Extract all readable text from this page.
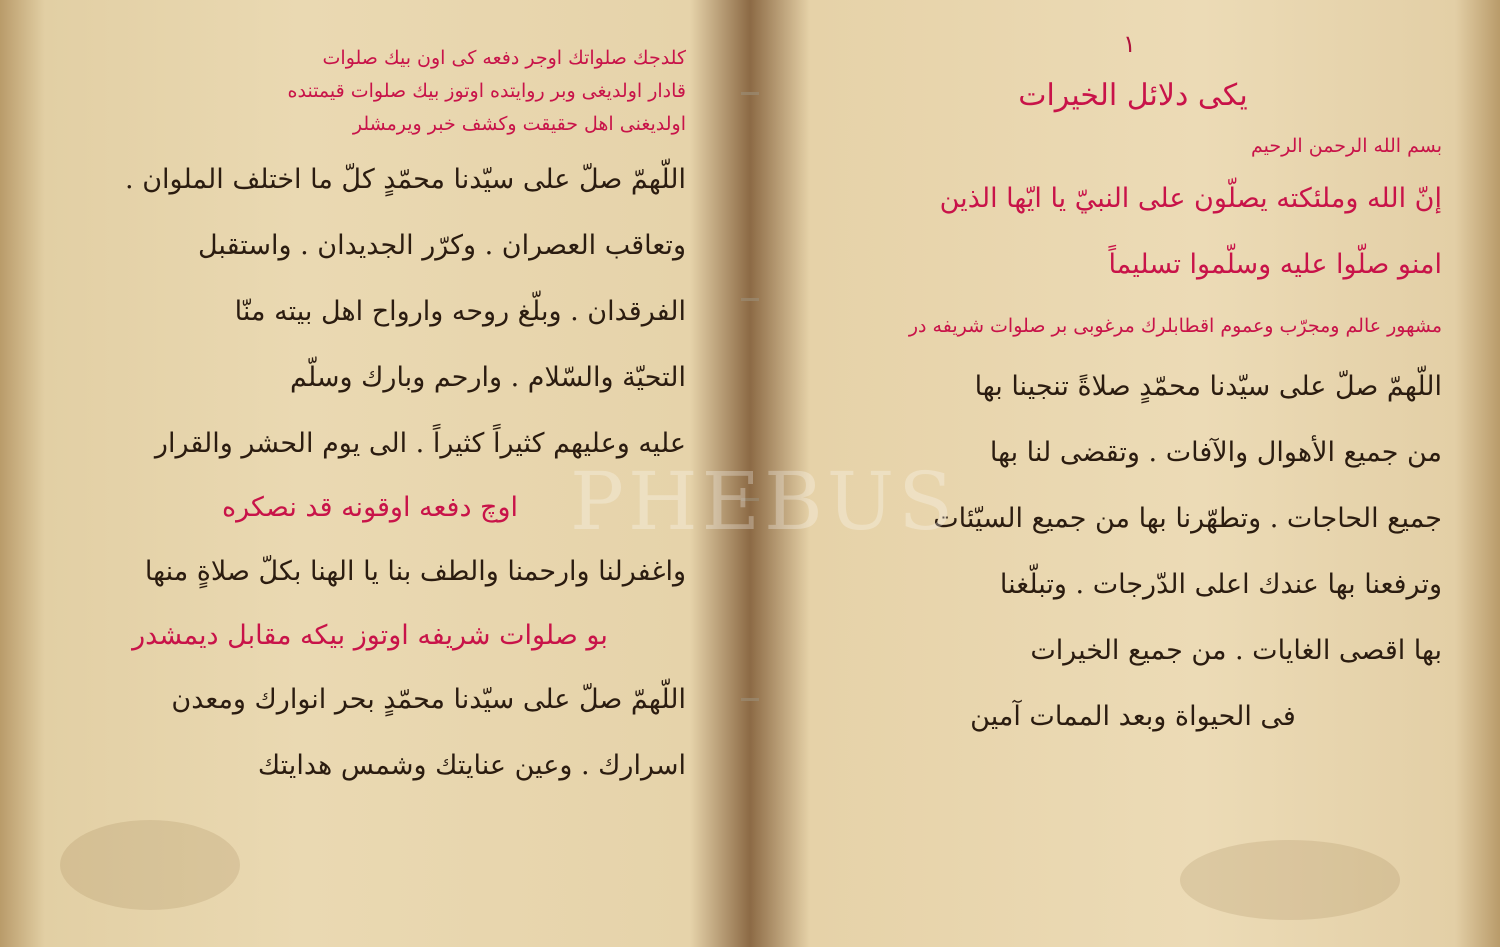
كلدجك صلواتك اوجر دفعه كى اون بيك صلوات
قادار اولديغى وبر روايتده اوتوز بيك صلوات قيمتنده
اولديغنى اهل حقيقت وكشف خبر ويرمشلر
اللّهمّ صلّ على سيّدنا محمّدٍ كلّ ما اختلف الملوان .
وتعاقب العصران . وكرّر الجديدان . واستقبل
الفرقدان . وبلّغ روحه وارواح اهل بيته منّا
التحيّة والسّلام . وارحم وبارك وسلّم
عليه وعليهم كثيراً كثيراً . الى يوم الحشر والقرار
اوچ دفعه اوقونه قد نصكره
واغفرلنا وارحمنا والطف بنا يا الهنا بكلّ صلاةٍ منها
بو صلوات شريفه اوتوز بيكه مقابل ديمشدر
اللّهمّ صلّ على سيّدنا محمّدٍ بحر انوارك ومعدن
اسرارك . وعين عنايتك وشمس هدايتك
١
يكى دلائل الخيرات
بسم الله الرحمن الرحيم
إنّ الله وملئكته يصلّون على النبيّ يا ايّها الذين
امنو صلّوا عليه وسلّموا تسليماً
مشهور عالم ومجرّب وعموم اقطابلرك مرغوبى بر صلوات شريفه در
اللّهمّ صلّ على سيّدنا محمّدٍ صلاةً تنجينا بها
من جميع الأهوال والآفات . وتقضى لنا بها
جميع الحاجات . وتطهّرنا بها من جميع السيّئات
وترفعنا بها عندك اعلى الدّرجات . وتبلّغنا
بها اقصى الغايات . من جميع الخيرات
فى الحيواة وبعد الممات آمين
PHEBUS
